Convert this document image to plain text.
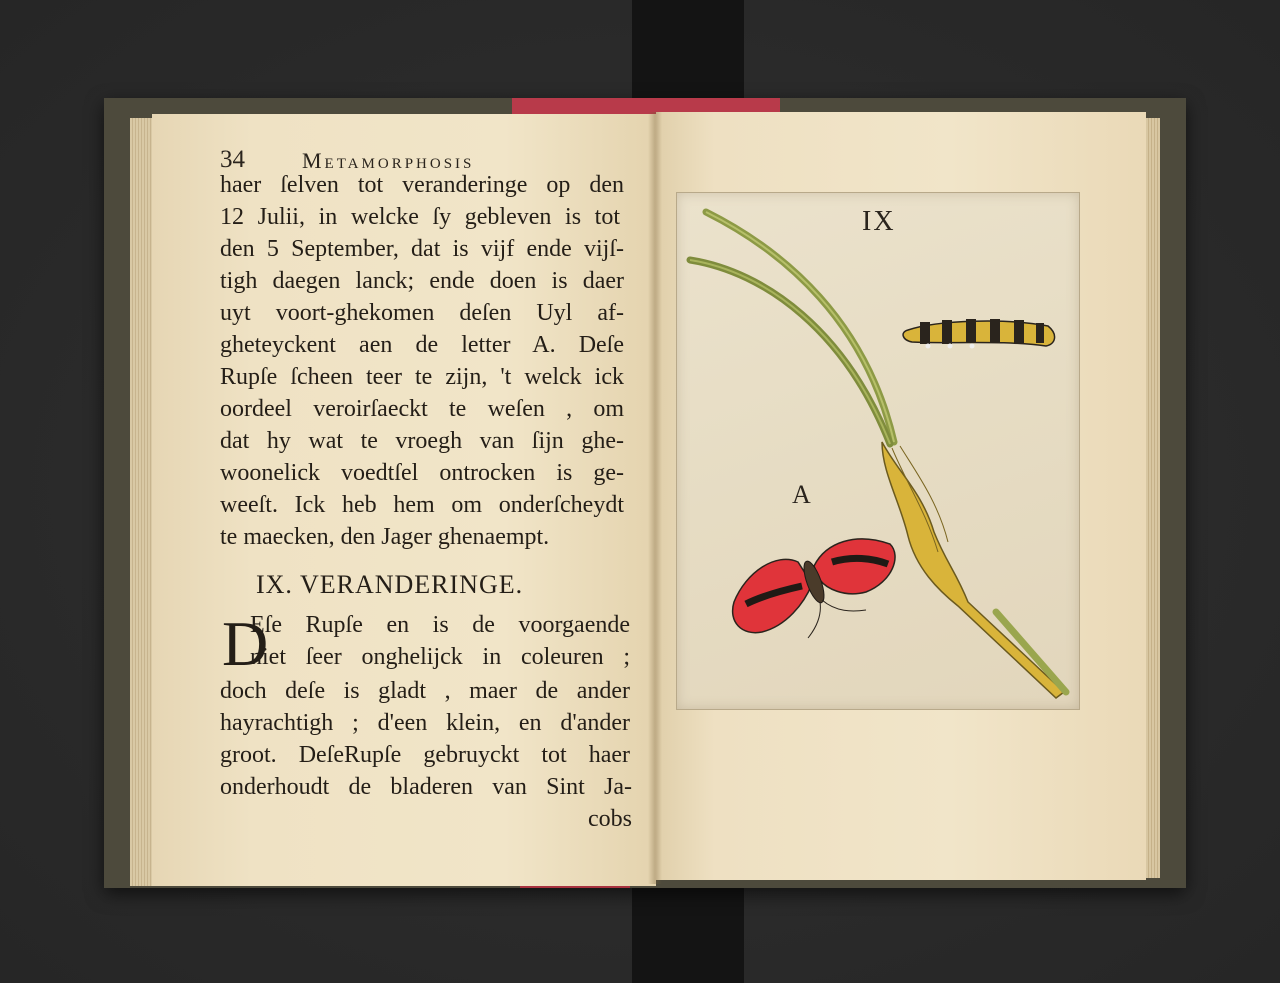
34	Metamorphosis
haer ſelven tot veranderinge op den
12 Julii, in welcke ſy gebleven is tot
den 5 September, dat is vijf ende vijſ-
tigh daegen lanck; ende doen is daer
uyt voort-ghekomen deſen Uyl af-
gheteyckent aen de letter A. Deſe
Rupſe ſcheen teer te zijn, 't welck ick
oordeel veroirſaeckt te weſen , om
dat hy wat te vroegh van ſijn ghe-
woonelick voedtſel ontrocken is ge-
weeſt. Ick heb hem om onderſcheydt
te maecken, den Jager ghenaempt.
IX. VERANDERINGE.
D
Eſe Rupſe en is de voorgaende
niet ſeer onghelijck in coleuren ;
doch deſe is gladt , maer de ander
hayrachtigh ; d'een klein, en d'ander
groot. DeſeRupſe gebruyckt tot haer
onderhoudt de bladeren van Sint Ja-
cobs
IX
A
